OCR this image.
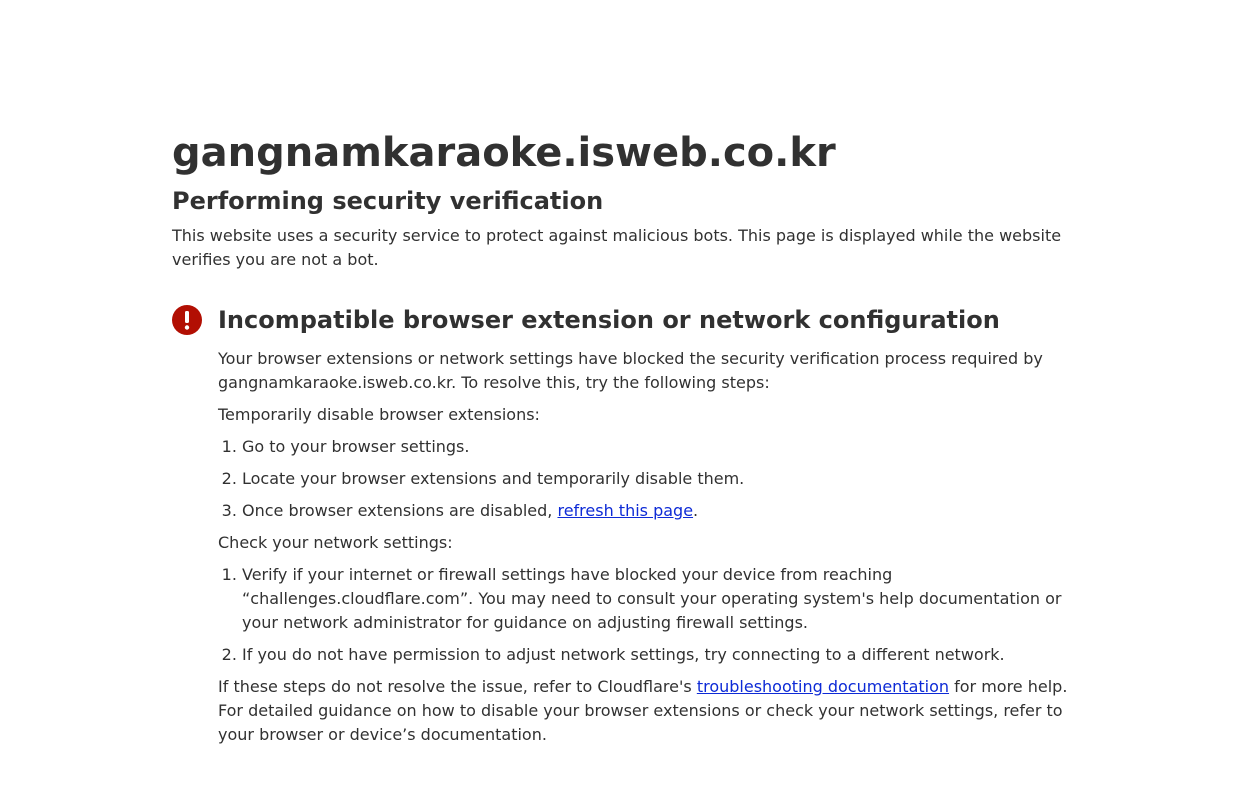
gangnamkaraoke.isweb.co.kr
Performing security verification

This website uses a security service to protect against malicious bots. This page is displayed while the website verifies you are not a bot.

Incompatible browser extension or network configuration

Your browser extensions or network settings have blocked the security verification process required by gangnamkaraoke.isweb.co.kr. To resolve this, try the following steps:

Temporarily disable browser extensions:

1. Go to your browser settings.
2. Locate your browser extensions and temporarily disable them.
3. Once browser extensions are disabled, refresh this page.

Check your network settings:

1. Verify if your internet or firewall settings have blocked your device from reaching “challenges.cloudflare.com”. You may need to consult your operating system's help documentation or your network administrator for guidance on adjusting firewall settings.
2. If you do not have permission to adjust network settings, try connecting to a different network.

If these steps do not resolve the issue, refer to Cloudflare's troubleshooting documentation for more help. For detailed guidance on how to disable your browser extensions or check your network settings, refer to your browser or device’s documentation.
